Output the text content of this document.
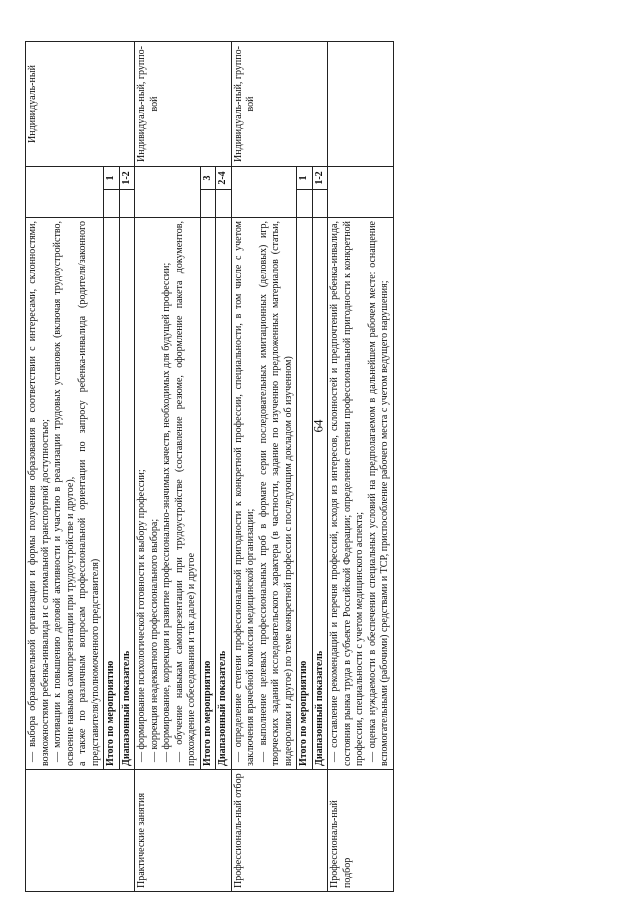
64

	— выбора образовательной организации и формы получения образования в соответствии с интересами, склонностями, возможностями ребенка-инвалида и с оптимальной транспортной доступностью; — мотивации к повышению деловой активности и участию в реализации трудовых установок (включая трудоустройство, освоение навыков самопрезентации при трудоустройстве и другое), а также по различным вопросам профессиональной ориентации по запросу ребенка-инвалида (родителя/законного представителя/уполномоченного представителя)			Индивидуаль-ный
	Итого по мероприятию		1	
	Диапазонный показатель		1-2	
Практические занятия	— формирование психологической готовности к выбору профессии; — коррекция неадекватного профессионального выбора; — формирование, коррекция и развитие профессионально-значимых качеств, необходимых для будущей профессии; — обучение навыкам самопрезентации при трудоустройстве (составление резюме, оформление пакета документов, прохождение собеседования и так далее) и другое			Индивидуаль-ный, группо-вой
	Итого по мероприятию		3	
	Диапазонный показатель		2-4	
Профессиональ-ный отбор	— определение степени профессиональной пригодности к конкретной профессии, специальности, в том числе с учетом заключения врачебной комиссии медицинской организации; — выполнение целевых профессиональных проб в формате серии последовательных имитационных (деловых) игр, творческих заданий исследовательского характера (в частности, задание по изученню предложенных материалов (статьи, видеоролики и другое) по теме конкретной профессии с последующим докладом об изученном)			Индивидуаль-ный, группо-вой
	Итого по мероприятию		1	
	Диапазонный показатель		1-2	
Профессиональ-ный подбор	— составление рекомендаций и перечня профессий, исходя из интересов, склонностей и предпочтений ребенка-инвалида, состояния рынка труда в субъекте Российской Федерации; определение степени профессиональной пригодности к конкретной профессии, специальности с учетом медицинского аспекта; — оценка нуждаемости в обеспечении специальных условий на предполагаемом в дальнейшем рабочем месте: оснащение вспомогательными (рабочими) средствами и ТСР, приспособление рабочего места с учетом ведущего нарушения;			
